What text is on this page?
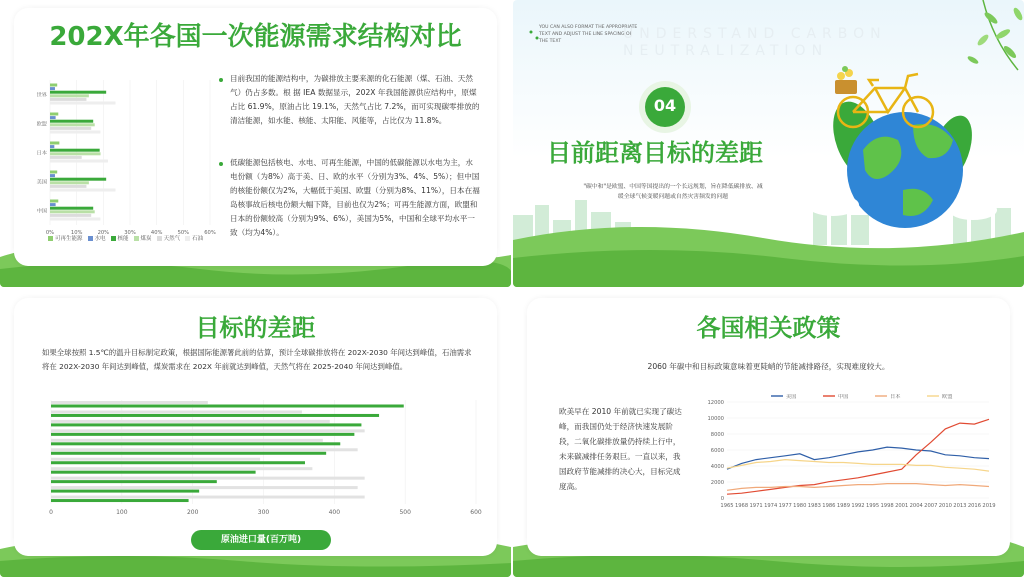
202X年各国一次能源需求结构对比
世界
欧盟
日本
美国
中国
0%	10%	20%	30%	40%	50%	60%
可再生能源	水电	核能	煤炭	天然气	石油
目前我国的能源结构中，为碳排放主要来源的化石能源（煤、石油、天然气）仍占多数。根 据 IEA 数据显示，202X 年我国能源供应结构中，原煤占比 61.9%，原油占比 19.1%，天然气占比 7.2%，而可实现碳零排放的清洁能源，如水能、核能、太阳能、风能等，占比仅为 11.8%。
低碳能源包括核电、水电、可再生能源，中国的低碳能源以水电为主，水电份额（为8%）高于美、日、欧的水平（分别为3%、4%、5%）；但中国的核能份额仅为2%，大幅低于美国、欧盟（分别为8%、11%），日本在福岛核事故后核电份额大幅下降，目前也仅为2%；可再生能源方面，欧盟和日本的份额较高（分别为9%、6%），美国为5%，中国和全球平均水平一致（均为4%）。
YOU CAN ALSO FORMAT THE APPROPRIATE TEXT AND ADJUST THE LINE SPACING OF THE TEXT	UNDERSTAND CARBON
NEUTRALIZATION
04
目前距离目标的差距
"碳中和"是欧盟、中国等国提出的一个长远规划，旨在降低碳排放、减缓全球气候变暖问题或自然灾害频发的问题
目标的差距
如果全球按照 1.5℃的温升目标制定政策，根据国际能源署此前的估算，预计全球碳排放将在 202X-2030 年间达到峰值，石油需求将在 202X-2030 年间达到峰值，煤炭需求在 202X 年前就达到峰值，天然气将在 2025-2040 年间达到峰值。
0	100	200	300	400	500	600
原油进口量(百万吨)
各国相关政策
2060 年碳中和目标政策意味着更陡峭的节能减排路径，实现难度较大。
欧美早在 2010 年前就已实现了碳达峰，而我国仍处于经济快速发展阶段，二氧化碳排放量仍持续上行中，未来碳减排任务艰巨。一直以来，我国政府节能减排的决心大，目标完成度高。
0
2000
4000
6000
8000
10000
12000
1965 1968 1971 1974 1977 1980 1983 1986 1989 1992 1995 1998 2001 2004 2007 2010 2013 2016 2019
美国	中国	日本	欧盟
